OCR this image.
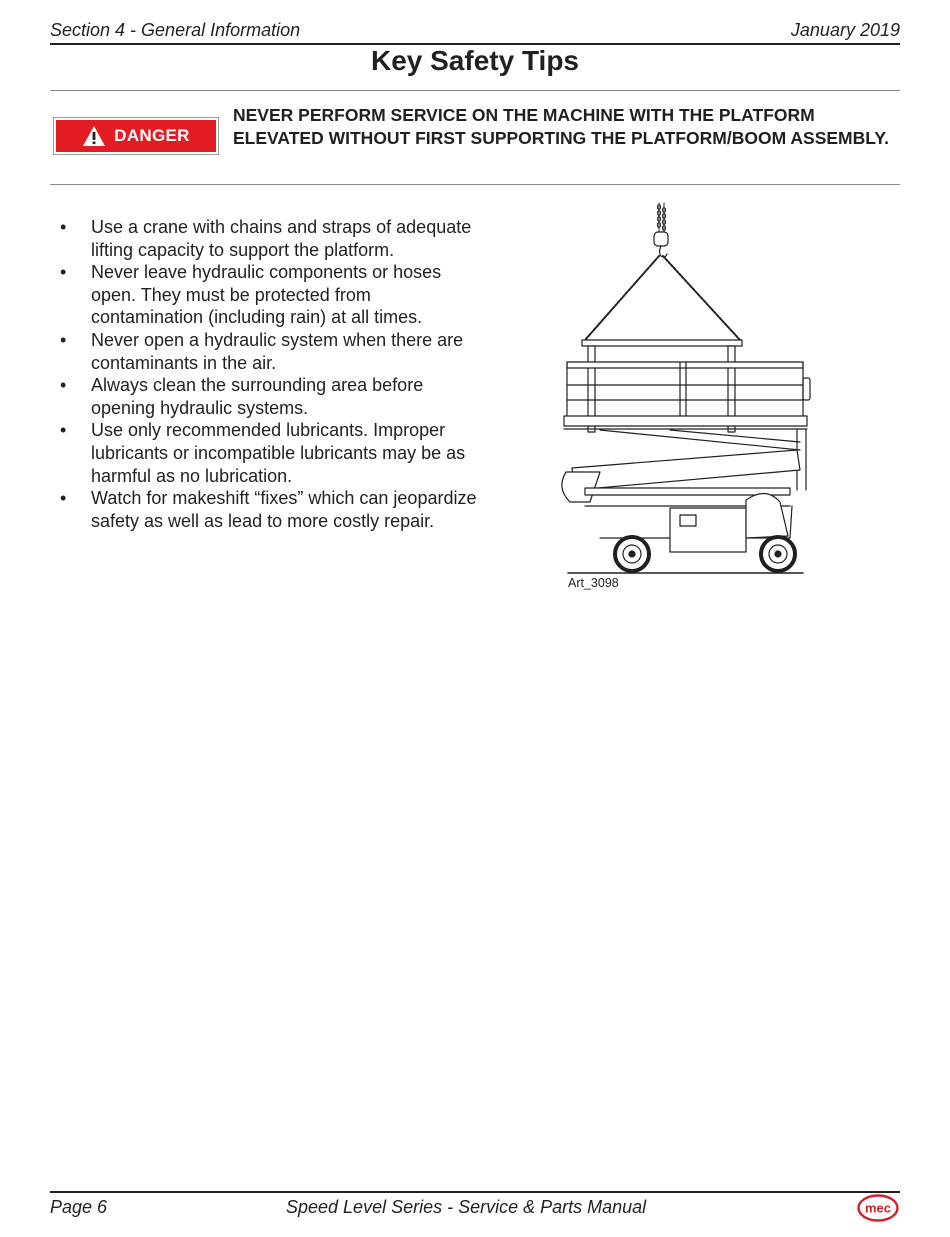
Section 4 - General Information	January 2019
Key Safety Tips
DANGER
NEVER PERFORM SERVICE ON THE MACHINE WITH THE PLATFORM ELEVATED WITHOUT FIRST SUPPORTING THE PLATFORM/BOOM ASSEMBLY.
• Use a crane with chains and straps of adequate lifting capacity to support the platform.
• Never leave hydraulic components or hoses open. They must be protected from contamination (including rain) at all times.
• Never open a hydraulic system when there are contaminants in the air.
• Always clean the surrounding area before opening hydraulic systems.
• Use only recommended lubricants. Improper lubricants or incompatible lubricants may be as harmful as no lubrication.
• Watch for makeshift “fixes” which can jeopardize safety as well as lead to more costly repair.
Art_3098
Page 6	Speed Level Series - Service & Parts Manual	mec
